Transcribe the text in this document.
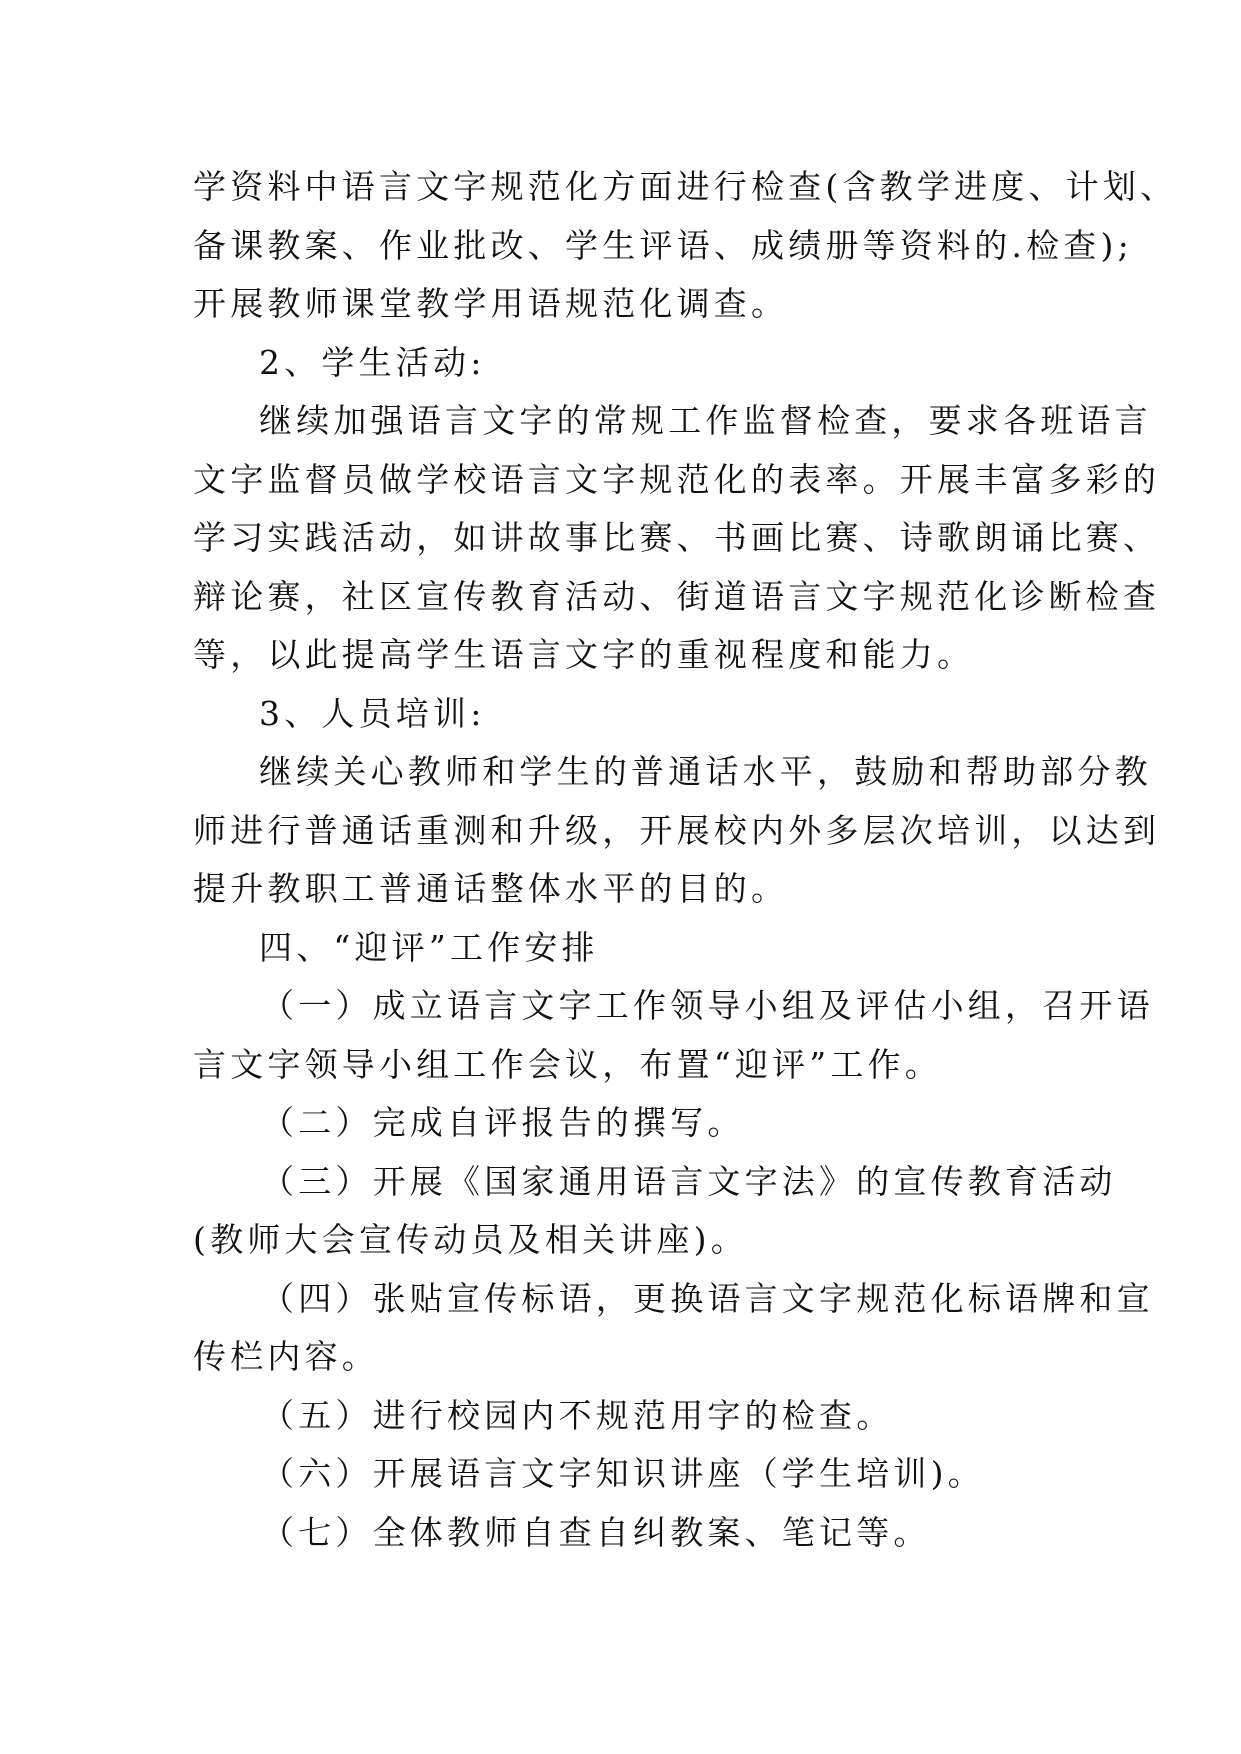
学资料中语言文字规范化方面进行检查(含教学进度、计划、
备课教案、作业批改、学生评语、成绩册等资料的.检查);
开展教师课堂教学用语规范化调查。
2、学生活动:
继续加强语言文字的常规工作监督检查，要求各班语言
文字监督员做学校语言文字规范化的表率。开展丰富多彩的
学习实践活动，如讲故事比赛、书画比赛、诗歌朗诵比赛、
辩论赛，社区宣传教育活动、街道语言文字规范化诊断检查
等，以此提高学生语言文字的重视程度和能力。
3、人员培训:
继续关心教师和学生的普通话水平，鼓励和帮助部分教
师进行普通话重测和升级，开展校内外多层次培训，以达到
提升教职工普通话整体水平的目的。
四、“迎评”工作安排
（一）成立语言文字工作领导小组及评估小组，召开语
言文字领导小组工作会议，布置“迎评”工作。
（二）完成自评报告的撰写。
（三）开展《国家通用语言文字法》的宣传教育活动
(教师大会宣传动员及相关讲座)。
（四）张贴宣传标语，更换语言文字规范化标语牌和宣
传栏内容。
（五）进行校园内不规范用字的检查。
（六）开展语言文字知识讲座（学生培训)。
（七）全体教师自查自纠教案、笔记等。
